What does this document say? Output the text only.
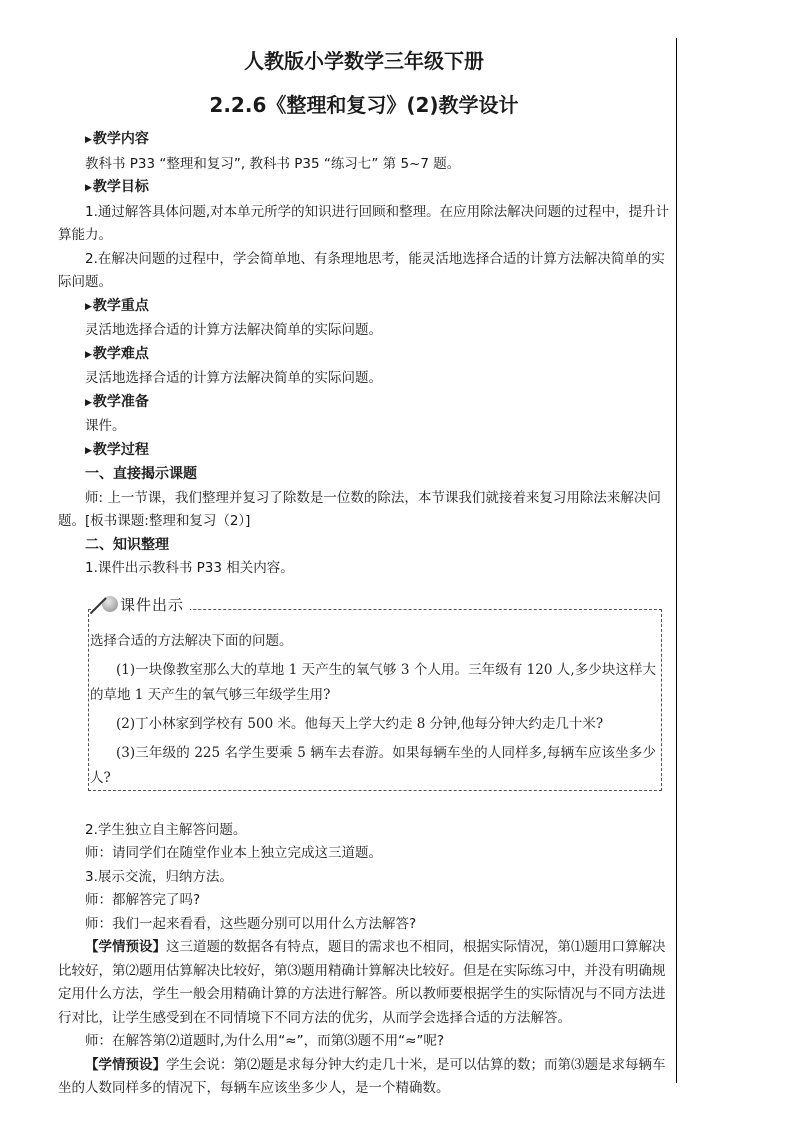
人教版小学数学三年级下册
2.2.6《整理和复习》(2)教学设计
▶教学内容
教科书 P33 “整理和复习”, 教科书 P35 “练习七” 第 5~7 题。
▶教学目标
1.通过解答具体问题,对本单元所学的知识进行回顾和整理。在应用除法解决问题的过程中，提升计算能力。
2.在解决问题的过程中，学会简单地、有条理地思考，能灵活地选择合适的计算方法解决简单的实际问题。
▶教学重点
灵活地选择合适的计算方法解决简单的实际问题。
▶教学难点
灵活地选择合适的计算方法解决简单的实际问题。
▶教学准备
课件。
▶教学过程
一、直接揭示课题
师: 上一节课，我们整理并复习了除数是一位数的除法，本节课我们就接着来复习用除法来解决问题。[板书课题:整理和复习（2）]
二、知识整理
1.课件出示教科书 P33 相关内容。
课件出示

选择合适的方法解决下面的问题。

(1)一块像教室那么大的草地 1 天产生的氧气够 3 个人用。三年级有 120 人,多少块这样大的草地 1 天产生的氧气够三年级学生用?

(2)丁小林家到学校有 500 米。他每天上学大约走 8 分钟,他每分钟大约走几十米?

(3)三年级的 225 名学生要乘 5 辆车去春游。如果每辆车坐的人同样多,每辆车应该坐多少人?

2.学生独立自主解答问题。
师：请同学们在随堂作业本上独立完成这三道题。
3.展示交流，归纳方法。
师：都解答完了吗?
师：我们一起来看看，这些题分别可以用什么方法解答?
【学情预设】这三道题的数据各有特点，题目的需求也不相同，根据实际情况，第⑴题用口算解决比较好，第⑵题用估算解决比较好，第⑶题用精确计算解决比较好。但是在实际练习中，并没有明确规定用什么方法，学生一般会用精确计算的方法进行解答。所以教师要根据学生的实际情况与不同方法进行对比，让学生感受到在不同情境下不同方法的优劣，从而学会选择合适的方法解答。
师：在解答第⑵道题时,为什么用“≈”，而第⑶题不用“≈”呢?
【学情预设】学生会说：第⑵题是求每分钟大约走几十米，是可以估算的数；而第⑶题是求每辆车坐的人数同样多的情况下，每辆车应该坐多少人，是一个精确数。
